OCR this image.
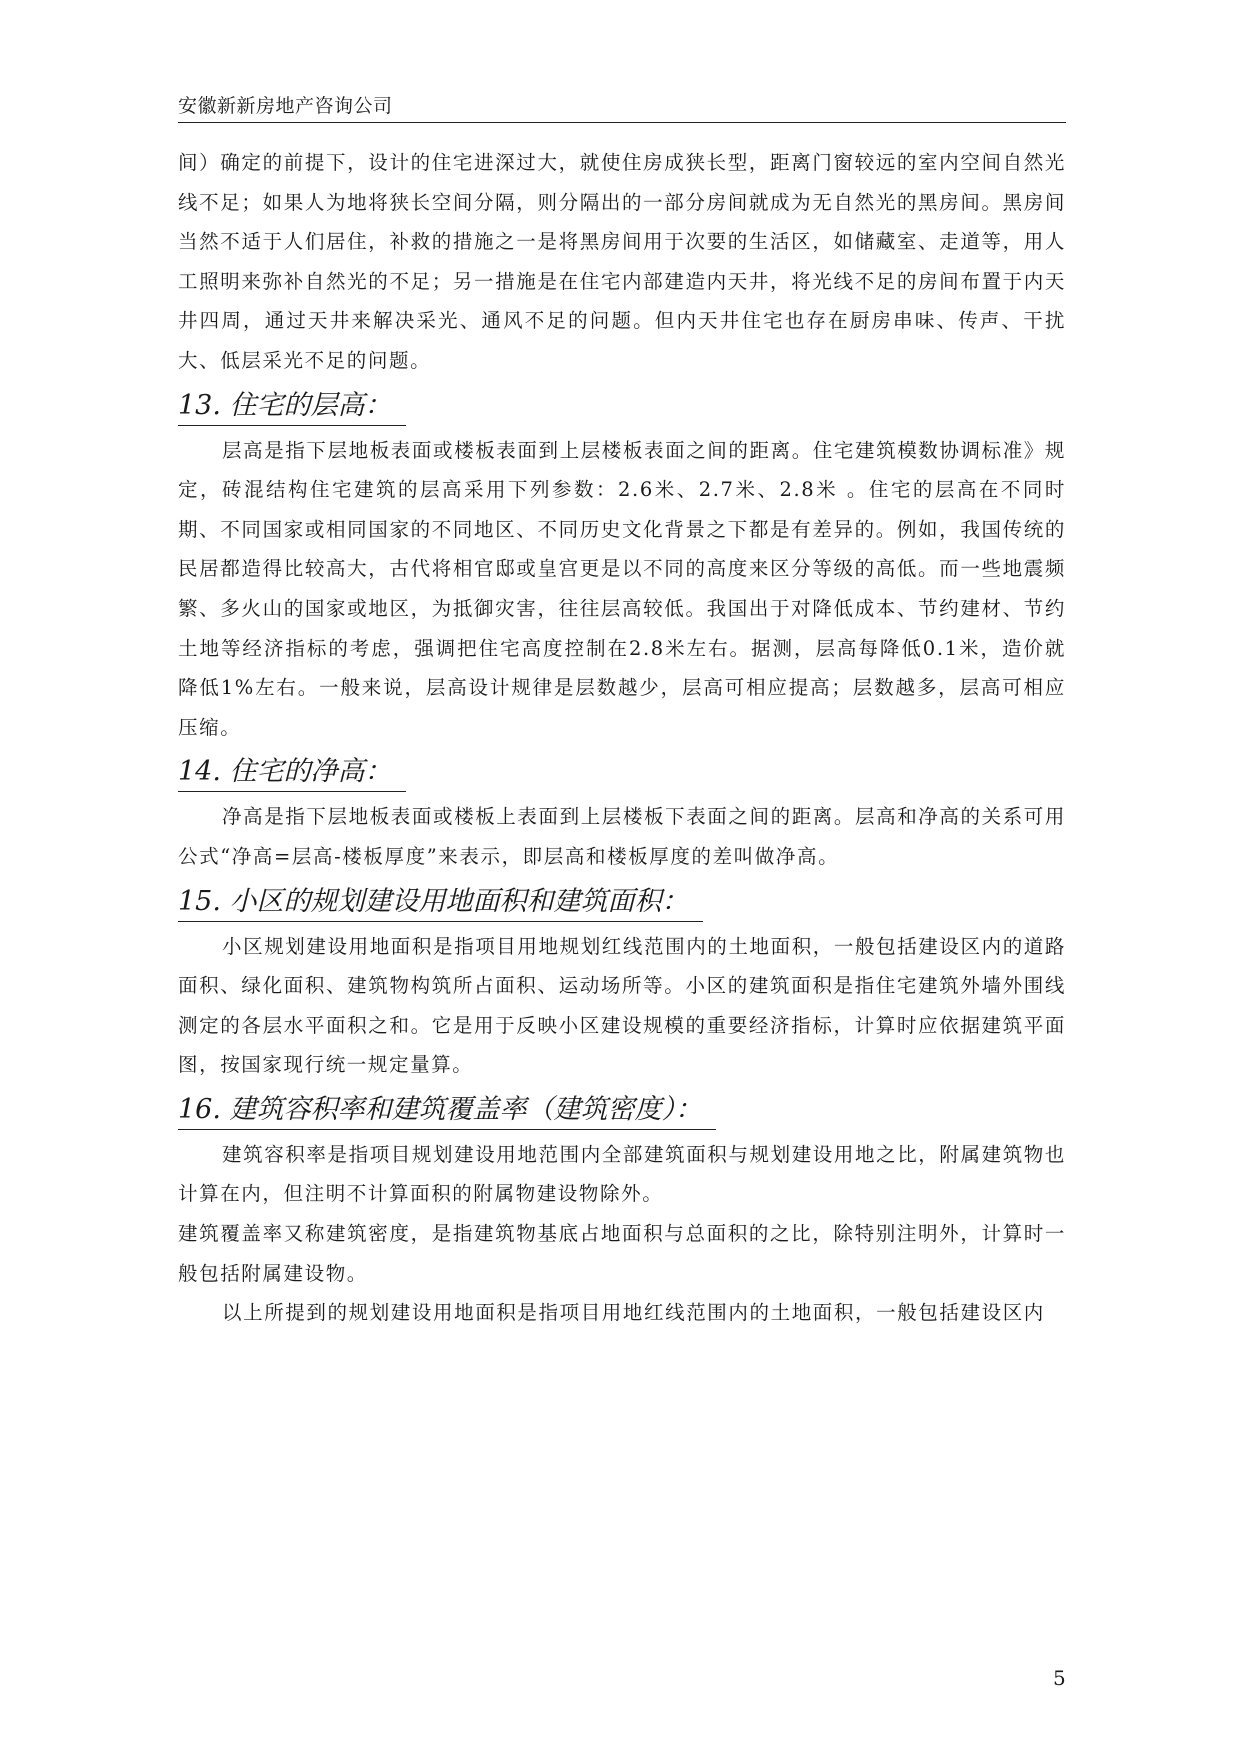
安徽新新房地产咨询公司

间）确定的前提下，设计的住宅进深过大，就使住房成狭长型，距离门窗较远的室内空间自然光线不足；如果人为地将狭长空间分隔，则分隔出的一部分房间就成为无自然光的黑房间。黑房间当然不适于人们居住，补救的措施之一是将黑房间用于次要的生活区，如储藏室、走道等，用人工照明来弥补自然光的不足；另一措施是在住宅内部建造内天井，将光线不足的房间布置于内天井四周，通过天井来解决采光、通风不足的问题。但内天井住宅也存在厨房串味、传声、干扰大、低层采光不足的问题。

13. 住宅的层高：

层高是指下层地板表面或楼板表面到上层楼板表面之间的距离。住宅建筑模数协调标准》规定，砖混结构住宅建筑的层高采用下列参数：2.6米、2.7米、2.8米 。住宅的层高在不同时期、不同国家或相同国家的不同地区、不同历史文化背景之下都是有差异的。例如，我国传统的民居都造得比较高大，古代将相官邸或皇宫更是以不同的高度来区分等级的高低。而一些地震频繁、多火山的国家或地区，为抵御灾害，往往层高较低。我国出于对降低成本、节约建材、节约土地等经济指标的考虑，强调把住宅高度控制在2.8米左右。据测，层高每降低0.1米，造价就降低1%左右。一般来说，层高设计规律是层数越少，层高可相应提高；层数越多，层高可相应压缩。

14. 住宅的净高：

净高是指下层地板表面或楼板上表面到上层楼板下表面之间的距离。层高和净高的关系可用公式“净高=层高-楼板厚度”来表示，即层高和楼板厚度的差叫做净高。

15. 小区的规划建设用地面积和建筑面积：

小区规划建设用地面积是指项目用地规划红线范围内的土地面积，一般包括建设区内的道路面积、绿化面积、建筑物构筑所占面积、运动场所等。小区的建筑面积是指住宅建筑外墙外围线测定的各层水平面积之和。它是用于反映小区建设规模的重要经济指标，计算时应依据建筑平面图，按国家现行统一规定量算。

16. 建筑容积率和建筑覆盖率（建筑密度）：

建筑容积率是指项目规划建设用地范围内全部建筑面积与规划建设用地之比，附属建筑物也计算在内，但注明不计算面积的附属物建设物除外。

建筑覆盖率又称建筑密度，是指建筑物基底占地面积与总面积的之比，除特别注明外，计算时一般包括附属建设物。

以上所提到的规划建设用地面积是指项目用地红线范围内的土地面积，一般包括建设区内

5
